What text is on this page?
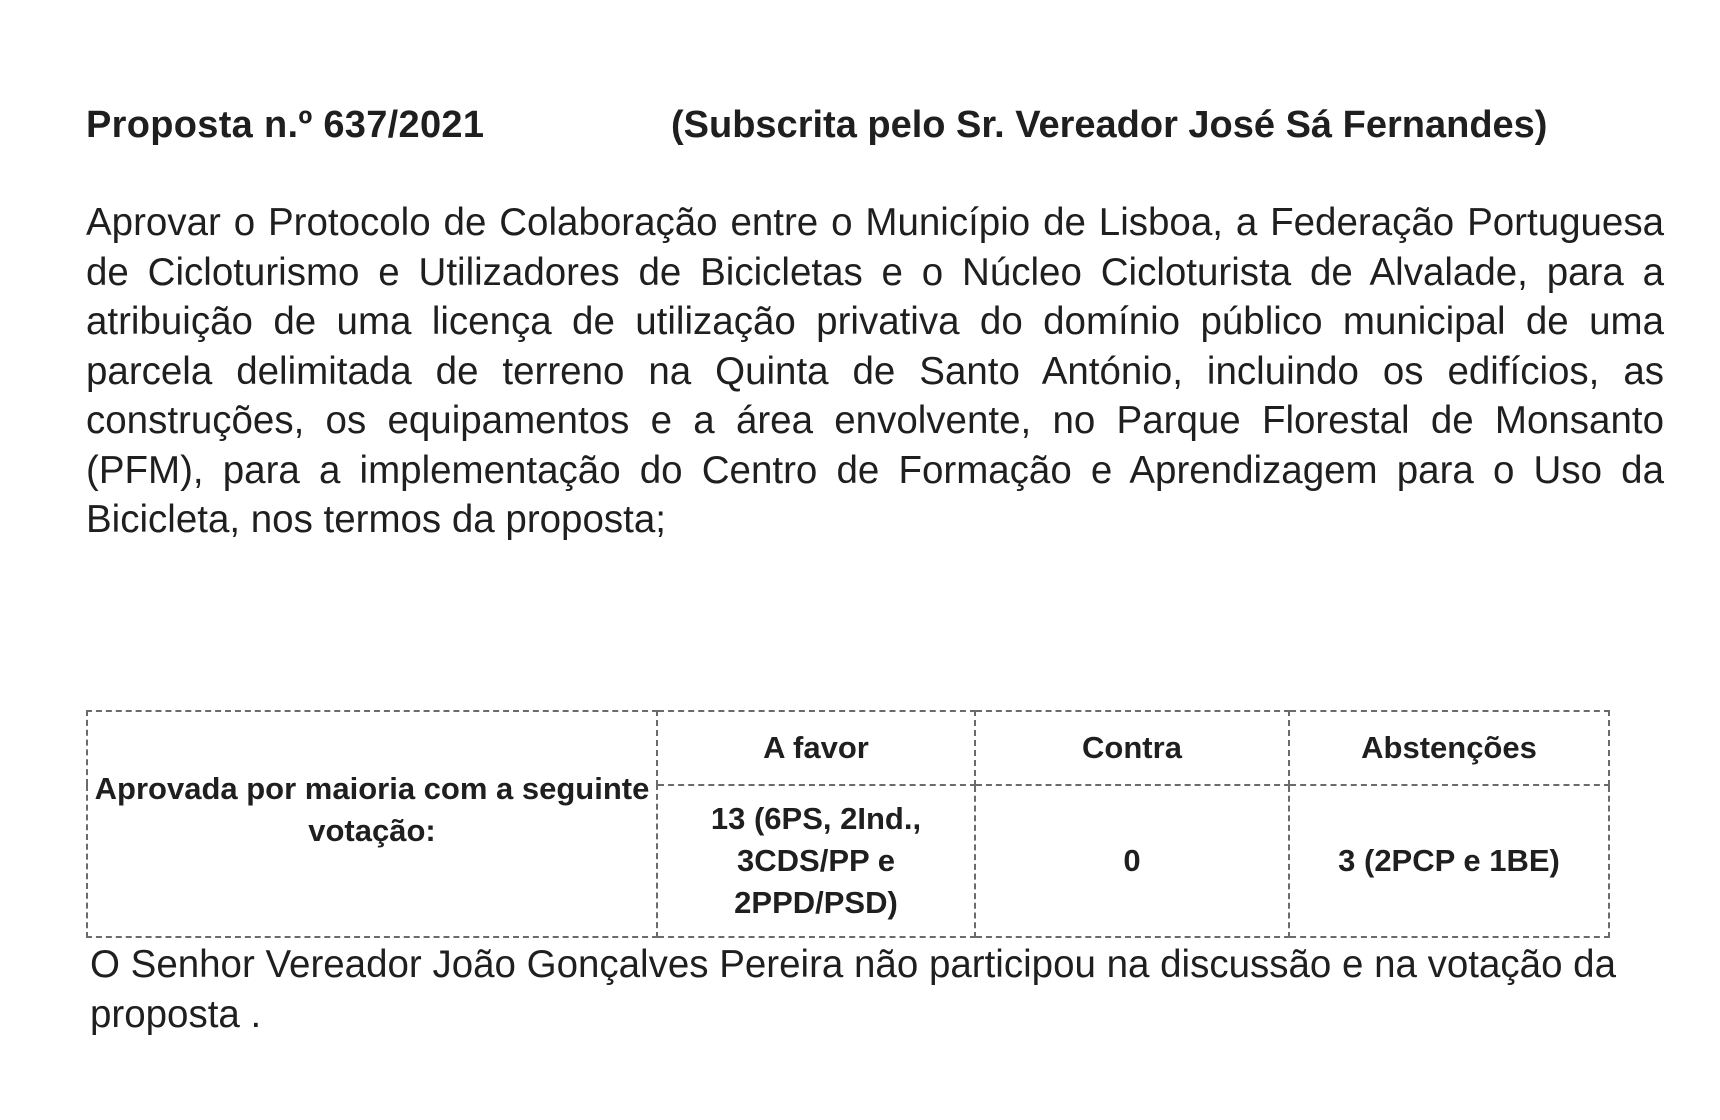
Proposta n.º 637/2021	(Subscrita pelo Sr. Vereador José Sá Fernandes)

Aprovar o Protocolo de Colaboração entre o Município de Lisboa, a Federação Portuguesa de Cicloturismo e Utilizadores de Bicicletas e o Núcleo Cicloturista de Alvalade, para a atribuição de uma licença de utilização privativa do domínio público municipal de uma parcela delimitada de terreno na Quinta de Santo António, incluindo os edifícios, as construções, os equipamentos e a área envolvente, no Parque Florestal de Monsanto (PFM), para a implementação do Centro de Formação e Aprendizagem para o Uso da Bicicleta, nos termos da proposta;

Aprovada por maioria com a seguinte votação:	A favor	Contra	Abstenções
	13 (6PS, 2Ind., 3CDS/PP e 2PPD/PSD)	0	3 (2PCP e 1BE)

O Senhor Vereador João Gonçalves Pereira não participou na discussão e na votação da proposta .
